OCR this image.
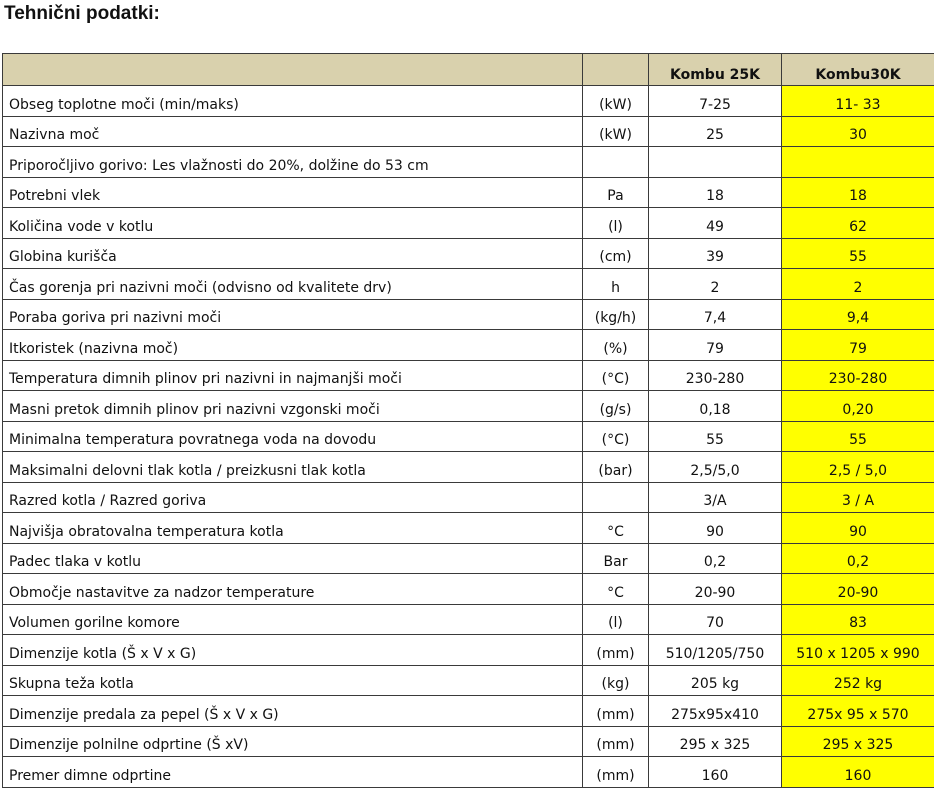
Tehnični podatki:
		Kombu 25K	Kombu30K
Obseg toplotne moči (min/maks)	(kW)	7-25	11- 33
Nazivna moč	(kW)	25	30
Priporočljivo gorivo: Les vlažnosti do 20%, dolžine do 53 cm			
Potrebni vlek	Pa	18	18
Količina vode v kotlu	(l)	49	62
Globina kurišča	(cm)	39	55
Čas gorenja pri nazivni moči (odvisno od kvalitete drv)	h	2	2
Poraba goriva pri nazivni moči	(kg/h)	7,4	9,4
Itkoristek (nazivna moč)	(%)	79	79
Temperatura dimnih plinov pri nazivni in najmanjši moči	(°C)	230-280	230-280
Masni pretok dimnih plinov pri nazivni vzgonski moči	(g/s)	0,18	0,20
Minimalna temperatura povratnega voda na dovodu	(°C)	55	55
Maksimalni delovni tlak kotla / preizkusni tlak kotla	(bar)	2,5/5,0	2,5 / 5,0
Razred kotla / Razred goriva		3/A	3 / A
Najvišja obratovalna temperatura kotla	°C	90	90
Padec tlaka v kotlu	Bar	0,2	0,2
Območje nastavitve za nadzor temperature	°C	20-90	20-90
Volumen gorilne komore	(l)	70	83
Dimenzije kotla (Š x V x G)	(mm)	510/1205/750	510 x 1205 x 990
Skupna teža kotla	(kg)	205 kg	252 kg
Dimenzije predala za pepel (Š x V x G)	(mm)	275x95x410	275x 95 x 570
Dimenzije polnilne odprtine (Š xV)	(mm)	295 x 325	295 x 325
Premer dimne odprtine	(mm)	160	160
